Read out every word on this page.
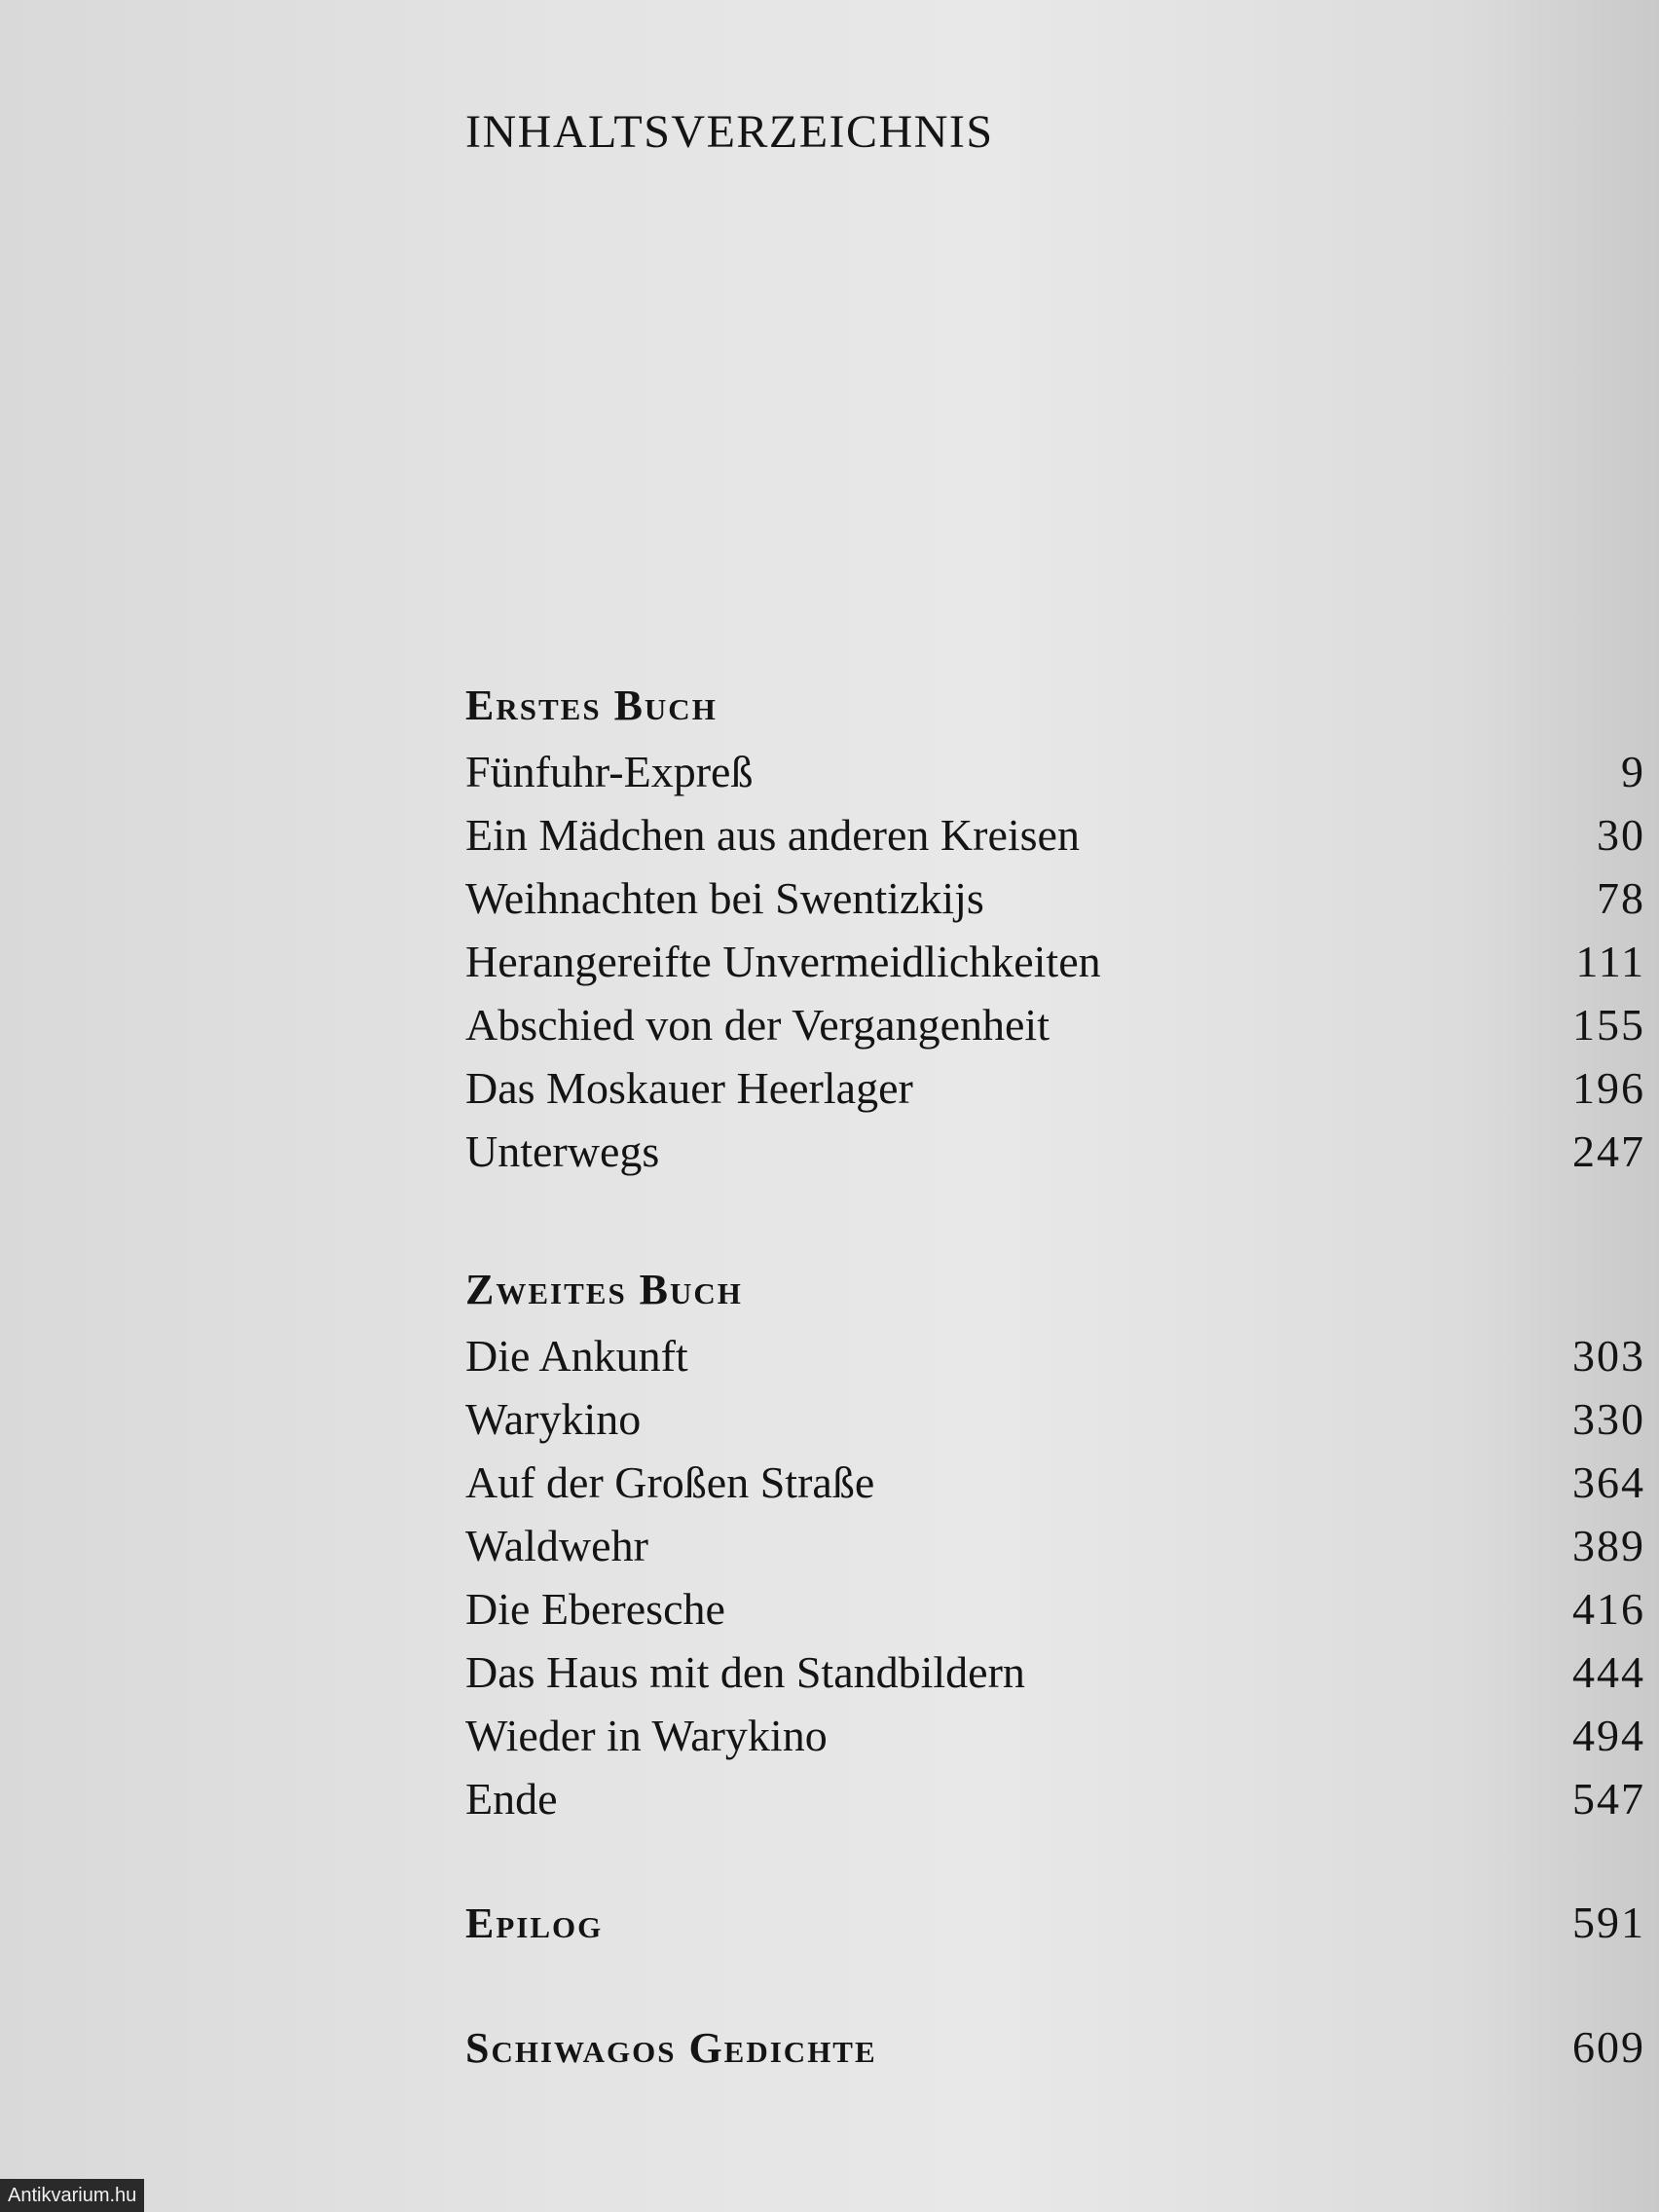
INHALTSVERZEICHNIS
Erstes Buch
Fünfuhr-Expreß	9
Ein Mädchen aus anderen Kreisen	30
Weihnachten bei Swentizkijs	78
Herangereifte Unvermeidlichkeiten	111
Abschied von der Vergangenheit	155
Das Moskauer Heerlager	196
Unterwegs	247
Zweites Buch
Die Ankunft	303
Warykino	330
Auf der Großen Straße	364
Waldwehr	389
Die Eberesche	416
Das Haus mit den Standbildern	444
Wieder in Warykino	494
Ende	547
Epilog	591
Schiwagos Gedichte	609
Antikvarium.hu
